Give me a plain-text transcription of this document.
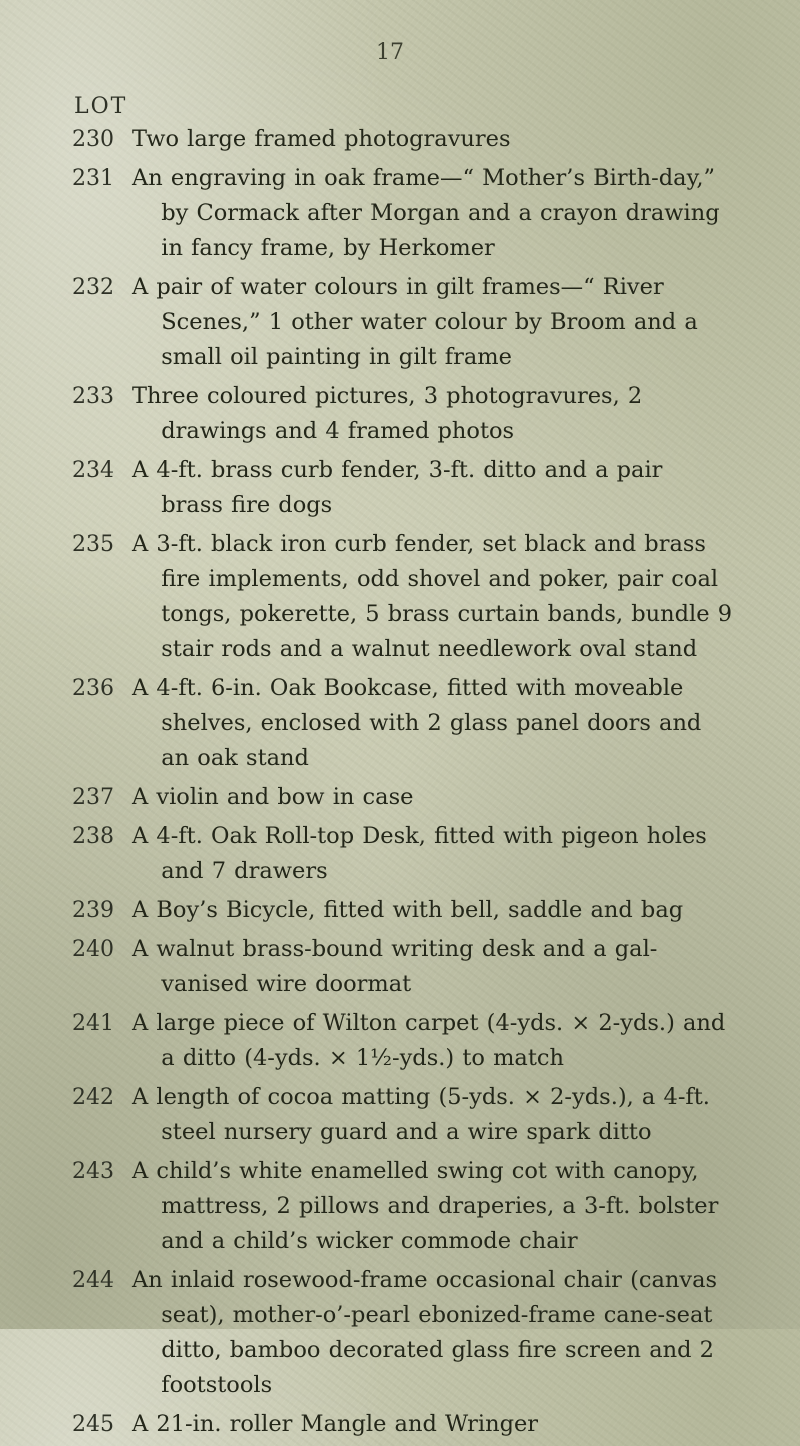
17
LOT
230 Two large framed photogravures
231 An engraving in oak frame—“ Mother’s Birth-day,” by Cormack after Morgan and a crayon drawing in fancy frame, by Herkomer
232 A pair of water colours in gilt frames—“ River Scenes,” 1 other water colour by Broom and a small oil painting in gilt frame
233 Three coloured pictures, 3 photogravures, 2 drawings and 4 framed photos
234 A 4-ft. brass curb fender, 3-ft. ditto and a pair brass fire dogs
235 A 3-ft. black iron curb fender, set black and brass fire implements, odd shovel and poker, pair coal tongs, pokerette, 5 brass curtain bands, bundle 9 stair rods and a walnut needlework oval stand
236 A 4-ft. 6-in. Oak Bookcase, fitted with moveable shelves, enclosed with 2 glass panel doors and an oak stand
237 A violin and bow in case
238 A 4-ft. Oak Roll-top Desk, fitted with pigeon holes and 7 drawers
239 A Boy’s Bicycle, fitted with bell, saddle and bag
240 A walnut brass-bound writing desk and a gal-vanised wire doormat
241 A large piece of Wilton carpet (4-yds. × 2-yds.) and a ditto (4-yds. × 1½-yds.) to match
242 A length of cocoa matting (5-yds. × 2-yds.), a 4-ft. steel nursery guard and a wire spark ditto
243 A child’s white enamelled swing cot with canopy, mattress, 2 pillows and draperies, a 3-ft. bolster and a child’s wicker commode chair
244 An inlaid rosewood-frame occasional chair (canvas seat), mother-o’-pearl ebonized-frame cane-seat ditto, bamboo decorated glass fire screen and 2 footstools
245 A 21-in. roller Mangle and Wringer
